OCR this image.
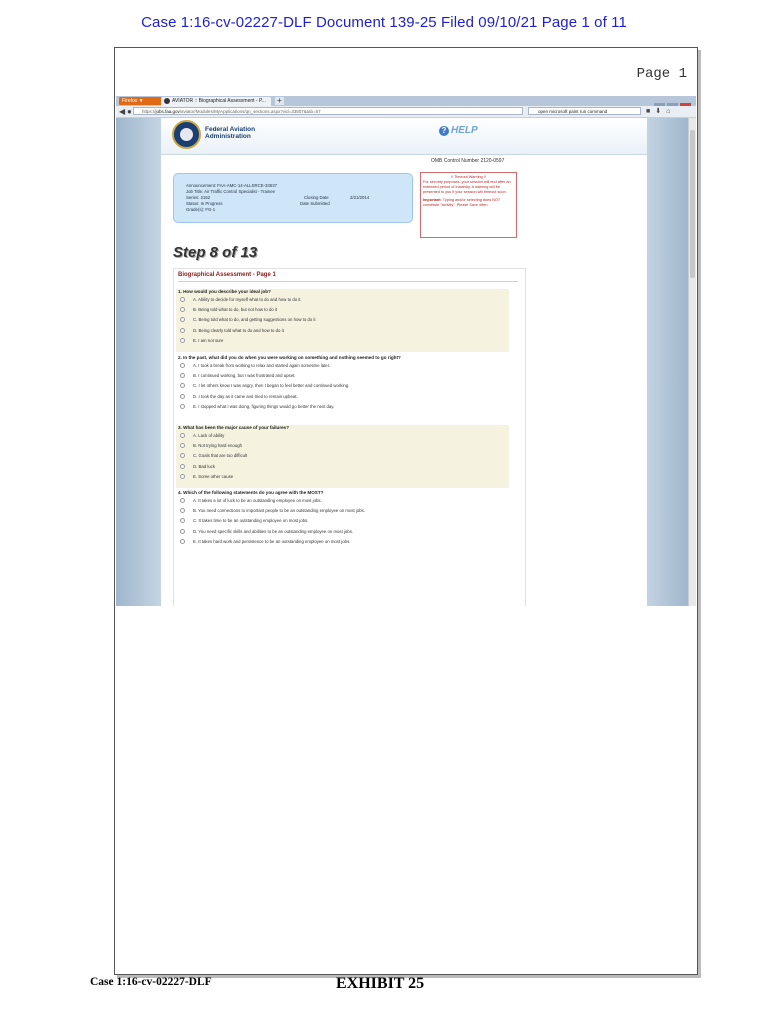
Case 1:16-cv-02227-DLF Document 139-25 Filed 09/10/21 Page 1 of 11
Page 1
Firefox ▼	AVIATOR :: Biographical Assessment - P...	+
◀ ●	https://jobs.faa.gov/aviator/Modules/MyApplications/qn_sections.aspx?vid=33507&tab=57	open microsoft paint run command	■⬇⌂
Federal Aviation
Administration
? HELP
OMB Control Number 2120-0597
Announcement: FAA-AMC-14-ALLSRCE-33537
Job Title: Air Traffic Control Specialist - Trainee
Series: 2152
Status: In Progress
Grade(s): FG-1
Closing Date	2/21/2014
Date Submitted
!! Timeout Warning !!
For security purposes, your session will end after an extended period of inactivity. A warning will be presented to you if your session will timeout soon.
Important: Typing and/or selecting does NOT constitute "activity". Please Save often.
Step 8 of 13
Biographical Assessment - Page 1
1. How would you describe your ideal job?
A. Ability to decide for myself what to do and how to do it
B. Being told what to do, but not how to do it
C. Being told what to do, and getting suggestions on how to do it
D. Being clearly told what to do and how to do it
E. I am not sure
2. In the past, what did you do when you were working on something and nothing seemed to go right?
A. I took a break from working to relax and started again sometime later.
B. I continued working, but I was frustrated and upset.
C. I let others know I was angry, then I began to feel better and continued working.
D. I took the day as it came and tried to remain upbeat.
E. I stopped what I was doing, figuring things would go better the next day.
3. What has been the major cause of your failures?
A. Lack of ability
B. Not trying hard enough
C. Goals that are too difficult
D. Bad luck
E. Some other cause
4. Which of the following statements do you agree with the MOST?
A. It takes a lot of luck to be an outstanding employee on most jobs.
B. You need connections to important people to be an outstanding employee on most jobs.
C. It takes time to be an outstanding employee on most jobs.
D. You need specific skills and abilities to be an outstanding employee on most jobs.
E. It takes hard work and persistence to be an outstanding employee on most jobs.
Case 1:16-cv-02227-DLF	EXHIBIT 25
